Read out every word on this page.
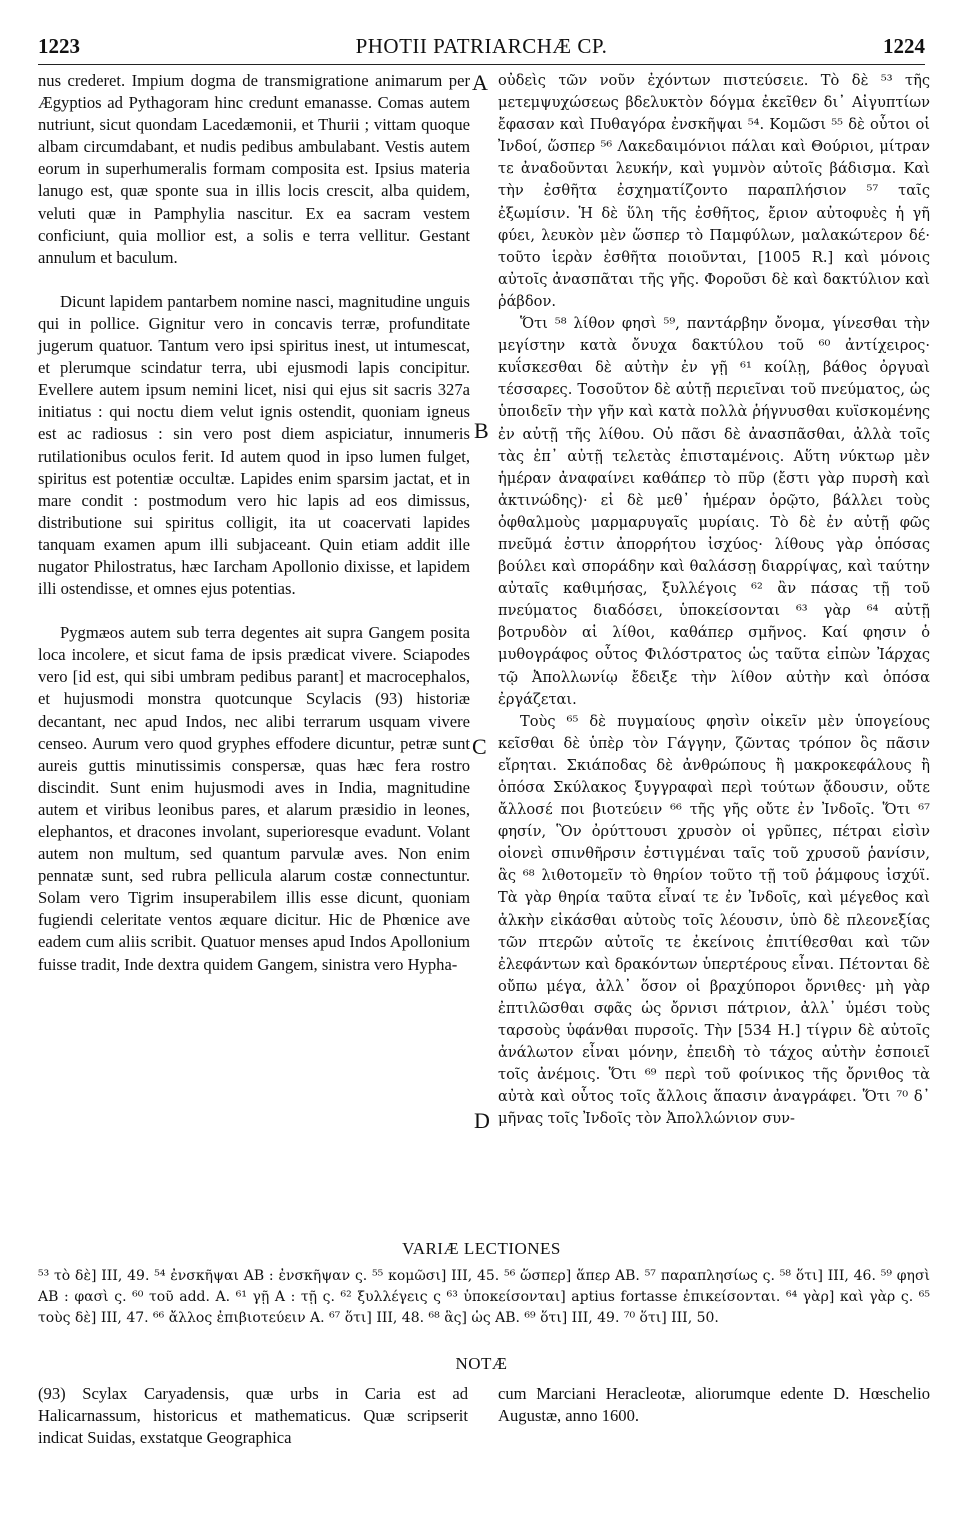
1223	PHOTII PATRIARCHÆ CP.	1224

nus crederet. Impium dogma de transmigratione animarum per Ægyptios ad Pythagoram hinc credunt emanasse. Comas autem nutriunt, sicut quondam Lacedæmonii, et Thurii ; vittam quoque albam circumdabant, et nudis pedibus ambulabant. Vestis autem eorum in superhumeralis formam composita est. Ipsius materia lanugo est, quæ sponte sua in illis locis crescit, alba quidem, veluti quæ in Pamphylia nascitur. Ex ea sacram vestem conficiunt, quia mollior est, a solis e terra vellitur. Gestant annulum et baculum.

Dicunt lapidem pantarbem nomine nasci, magnitudine unguis qui in pollice. Gignitur vero in concavis terræ, profunditate jugerum quatuor. Tantum vero ipsi spiritus inest, ut intumescat, et plerumque scindatur terra, ubi ejusmodi lapis concipitur. Evellere autem ipsum nemini licet, nisi qui ejus sit sacris 327a initiatus : qui noctu diem velut ignis ostendit, quoniam igneus est ac radiosus : sin vero post diem aspiciatur, innumeris rutilationibus oculos ferit. Id autem quod in ipso lumen fulget, spiritus est potentiæ occultæ. Lapides enim sparsim jactat, et in mare condit : postmodum vero hic lapis ad eos dimissus, distributione sui spiritus colligit, ita ut coacervati lapides tanquam examen apum illi subjaceant. Quin etiam addit ille nugator Philostratus, hæc Iarcham Apollonio dixisse, et lapidem illi ostendisse, et omnes ejus potentias.

Pygmæos autem sub terra degentes ait supra Gangem posita loca incolere, et sicut fama de ipsis prædicat vivere. Sciapodes vero [id est, qui sibi umbram pedibus parant] et macrocephalos, et hujusmodi monstra quotcunque Scylacis (93) historiæ decantant, nec apud Indos, nec alibi terrarum usquam vivere censeo. Aurum vero quod gryphes effodere dicuntur, petræ sunt aureis guttis minutissimis conspersæ, quas hæc fera rostro discindit. Sunt enim hujusmodi aves in India, magnitudine autem et viribus leonibus pares, et alarum præsidio in leones, elephantos, et dracones involant, superioresque evadunt. Volant autem non multum, sed quantum parvulæ aves. Non enim pennatæ sunt, sed rubra pellicula alarum costæ connectuntur. Solam vero Tigrim insuperabilem illis esse dicunt, quoniam fugiendi celeritate ventos æquare dicitur. Hic de Phœnice ave eadem cum aliis scribit. Quatuor menses apud Indos Apollonium fuisse tradit, Inde dextra quidem Gangem, sinistra vero Hypha-

οὐδεὶς τῶν νοῦν ἐχόντων πιστεύσειε. Τὸ δὲ ⁵³ τῆς μετεμψυχώσεως βδελυκτὸν δόγμα ἐκεῖθεν δι᾽ Αἰγυπτίων ἔφασαν καὶ Πυθαγόρα ἐνσκῆψαι ⁵⁴. Κομῶσι ⁵⁵ δὲ οὗτοι οἱ Ἰνδοί, ὥσπερ ⁵⁶ Λακεδαιμόνιοι πάλαι καὶ Θούριοι, μίτραν τε ἀναδοῦνται λευκήν, καὶ γυμνὸν αὐτοῖς βάδισμα. Καὶ τὴν ἐσθῆτα ἐσχηματίζοντο παραπλήσιον ⁵⁷ ταῖς ἐξωμίσιν. Ἡ δὲ ὕλη τῆς ἐσθῆτος, ἔριον αὐτοφυὲς ἡ γῆ φύει, λευκὸν μὲν ὥσπερ τὸ Παμφύλων, μαλακώτερον δέ· τοῦτο ἱερὰν ἐσθῆτα ποιοῦνται, [1005 R.] καὶ μόνοις αὐτοῖς ἀνασπᾶται τῆς γῆς. Φοροῦσι δὲ καὶ δακτύλιον καὶ ῥάβδον.

Ὅτι ⁵⁸ λίθον φησὶ ⁵⁹, παντάρβην ὄνομα, γίνεσθαι τὴν μεγίστην κατὰ ὄνυχα δακτύλου τοῦ ⁶⁰ ἀντίχειρος· κυΐσκεσθαι δὲ αὐτὴν ἐν γῇ ⁶¹ κοίλῃ, βάθος ὀργυαὶ τέσσαρες. Τοσοῦτον δὲ αὐτῇ περιεῖναι τοῦ πνεύματος, ὡς ὑποιδεῖν τὴν γῆν καὶ κατὰ πολλὰ ῥήγνυσθαι κυϊσκομένης ἐν αὐτῇ τῆς λίθου. Οὐ πᾶσι δὲ ἀνασπᾶσθαι, ἀλλὰ τοῖς τὰς ἐπ᾽ αὐτῇ τελετὰς ἐπισταμένοις. Αὕτη νύκτωρ μὲν ἡμέραν ἀναφαίνει καθάπερ τὸ πῦρ (ἔστι γὰρ πυρσὴ καὶ ἀκτινώδης)· εἰ δὲ μεθ᾽ ἡμέραν ὁρῷτο, βάλλει τοὺς ὀφθαλμοὺς μαρμαρυγαῖς μυρίαις. Τὸ δὲ ἐν αὐτῇ φῶς πνεῦμά ἐστιν ἀπορρήτου ἰσχύος· λίθους γὰρ ὁπόσας βούλει καὶ σποράδην καὶ θαλάσσῃ διαρρίψας, καὶ ταύτην αὐταῖς καθιμήσας, ξυλλέγοις ⁶² ἂν πάσας τῇ τοῦ πνεύματος διαδόσει, ὑποκείσονται ⁶³ γὰρ ⁶⁴ αὐτῇ βοτρυδὸν αἱ λίθοι, καθάπερ σμῆνος. Καί φησιν ὁ μυθογράφος οὗτος Φιλόστρατος ὡς ταῦτα εἰπὼν Ἰάρχας τῷ Ἀπολλωνίῳ ἔδειξε τὴν λίθον αὐτὴν καὶ ὁπόσα ἐργάζεται.

Τοὺς ⁶⁵ δὲ πυγμαίους φησὶν οἰκεῖν μὲν ὑπογείους κεῖσθαι δὲ ὑπὲρ τὸν Γάγγην, ζῶντας τρόπον ὃς πᾶσιν εἴρηται. Σκιάποδας δὲ ἀνθρώπους ἢ μακροκεφάλους ἢ ὁπόσα Σκύλακος ξυγγραφαὶ περὶ τούτων ᾄδουσιν, οὔτε ἄλλοσέ ποι βιοτεύειν ⁶⁶ τῆς γῆς οὔτε ἐν Ἰνδοῖς. Ὅτι ⁶⁷ φησίν, Ὃν ὀρύττουσι χρυσὸν οἱ γρῦπες, πέτραι εἰσὶν οἱονεὶ σπινθῆρσιν ἐστιγμέναι ταῖς τοῦ χρυσοῦ ῥανίσιν, ἃς ⁶⁸ λιθοτομεῖν τὸ θηρίον τοῦτο τῇ τοῦ ῥάμφους ἰσχύϊ. Τὰ γὰρ θηρία ταῦτα εἶναί τε ἐν Ἰνδοῖς, καὶ μέγεθος καὶ ἀλκὴν εἰκάσθαι αὐτοὺς τοῖς λέουσιν, ὑπὸ δὲ πλεονεξίας τῶν πτερῶν αὐτοῖς τε ἐκείνοις ἐπιτίθεσθαι καὶ τῶν ἐλεφάντων καὶ δρακόντων ὑπερτέρους εἶναι. Πέτονται δὲ οὔπω μέγα, ἀλλ᾽ ὅσον οἱ βραχύποροι ὄρνιθες· μὴ γὰρ ἐπτιλῶσθαι σφᾶς ὡς ὄρνισι πάτριον, ἀλλ᾽ ὑμέσι τοὺς ταρσοὺς ὑφάνθαι πυρσοῖς. Τὴν [534 H.] τίγριν δὲ αὐτοῖς ἀνάλωτον εἶναι μόνην, ἐπειδὴ τὸ τάχος αὐτὴν ἐσποιεῖ τοῖς ἀνέμοις. Ὅτι ⁶⁹ περὶ τοῦ φοίνικος τῆς ὄρνιθος τὰ αὐτὰ καὶ οὗτος τοῖς ἄλλοις ἅπασιν ἀναγράφει. Ὅτι ⁷⁰ δ᾽ μῆνας τοῖς Ἰνδοῖς τὸν Ἀπολλώνιον συν-

A
B
C
D
VARIÆ LECTIONES
⁵³ τὸ δὲ] III, 49. ⁵⁴ ἐνσκῆψαι AB : ἐνσκῆψαν ς. ⁵⁵ κομῶσι] III, 45. ⁵⁶ ὥσπερ] ἅπερ AB. ⁵⁷ παραπλησίως ς. ⁵⁸ ὅτι] III, 46. ⁵⁹ φησὶ AB : φασὶ ς. ⁶⁰ τοῦ add. A. ⁶¹ γῇ A : τῇ ς. ⁶² ξυλλέγεις ς ⁶³ ὑποκείσονται] aptius fortasse ἐπικείσονται. ⁶⁴ γὰρ] καὶ γὰρ ς. ⁶⁵ τοὺς δὲ] III, 47. ⁶⁶ ἄλλος ἐπιβιοτεύειν A. ⁶⁷ ὅτι] III, 48. ⁶⁸ ἃς] ὡς AB. ⁶⁹ ὅτι] III, 49. ⁷⁰ ὅτι] III, 50.
NOTÆ
(93) Scylax Caryadensis, quæ urbs in Caria est ad Halicarnassum, historicus et mathematicus. Quæ scripserit indicat Suidas, exstatque Geographica
cum Marciani Heracleotæ, aliorumque edente D. Hœschelio Augustæ, anno 1600.
